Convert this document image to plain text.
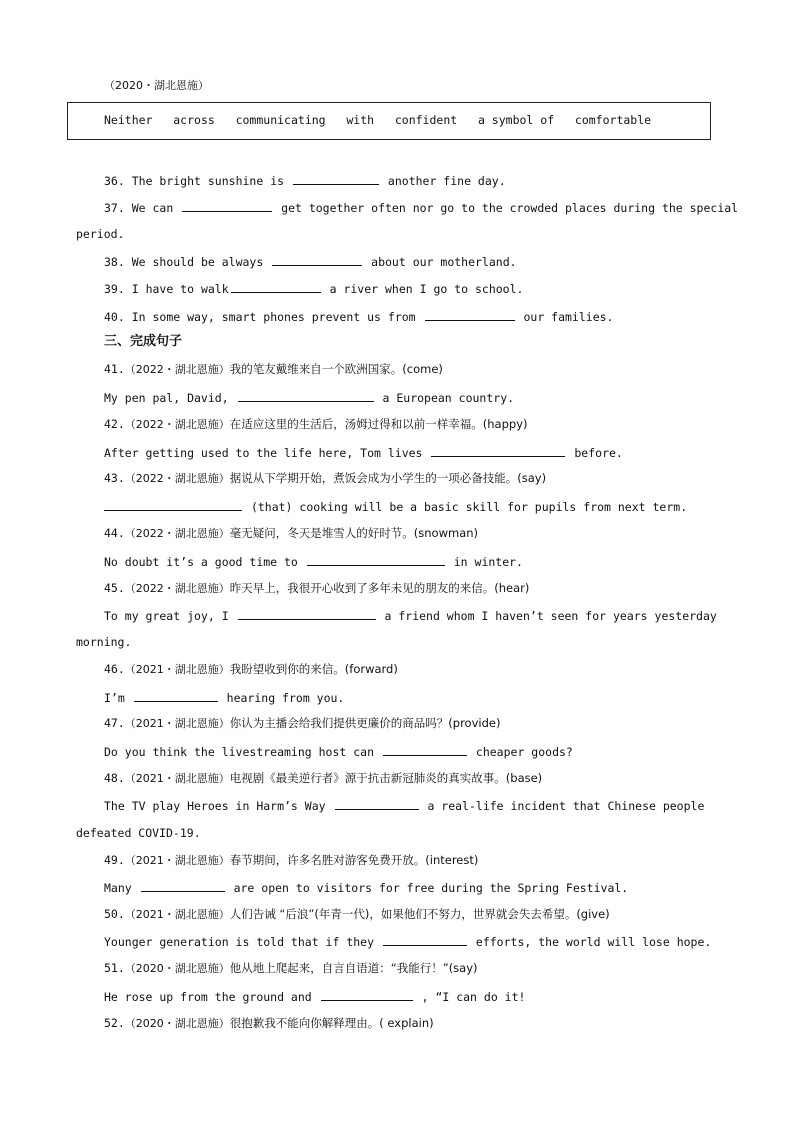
（2020・湖北恩施）
Neither across communicating with confident a symbol of comfortable
36. The bright sunshine is	another fine day.
37. We can	get together often nor go to the crowded places during the special
period.
38. We should be always	about our motherland.
39. I have to walk	a river when I go to school.
40. In some way, smart phones prevent us from	our families.
三、完成句子
41.（2022・湖北恩施）我的笔友戴维来自一个欧洲国家。(come)
My pen pal, David,	a European country.
42.（2022・湖北恩施）在适应这里的生活后，汤姆过得和以前一样幸福。(happy)
After getting used to the life here, Tom lives	before.
43.（2022・湖北恩施）据说从下学期开始，煮饭会成为小学生的一项必备技能。(say)
(that) cooking will be a basic skill for pupils from next term.
44.（2022・湖北恩施）毫无疑问，冬天是堆雪人的好时节。(snowman)
No doubt it’s a good time to	in winter.
45.（2022・湖北恩施）昨天早上，我很开心收到了多年未见的朋友的来信。(hear)
To my great joy, I	a friend whom I haven’t seen for years yesterday
morning.
46.（2021・湖北恩施）我盼望收到你的来信。(forward)
I’m	hearing from you.
47.（2021・湖北恩施）你认为主播会给我们提供更廉价的商品吗？(provide)
Do you think the livestreaming host can	cheaper goods?
48.（2021・湖北恩施）电视剧《最美逆行者》源于抗击新冠肺炎的真实故事。(base)
The TV play Heroes in Harm’s Way	a real-life incident that Chinese people
defeated COVID-19.
49.（2021・湖北恩施）春节期间，许多名胜对游客免费开放。(interest)
Many	are open to visitors for free during the Spring Festival.
50.（2021・湖北恩施）人们告诫 “后浪”(年青一代)，如果他们不努力，世界就会失去希望。(give)
Younger generation is told that if they	efforts, the world will lose hope.
51.（2020・湖北恩施）他从地上爬起来，自言自语道：“我能行！”(say)
He rose up from the ground and	, “I can do it!
52.（2020・湖北恩施）很抱歉我不能向你解释理由。( explain)
